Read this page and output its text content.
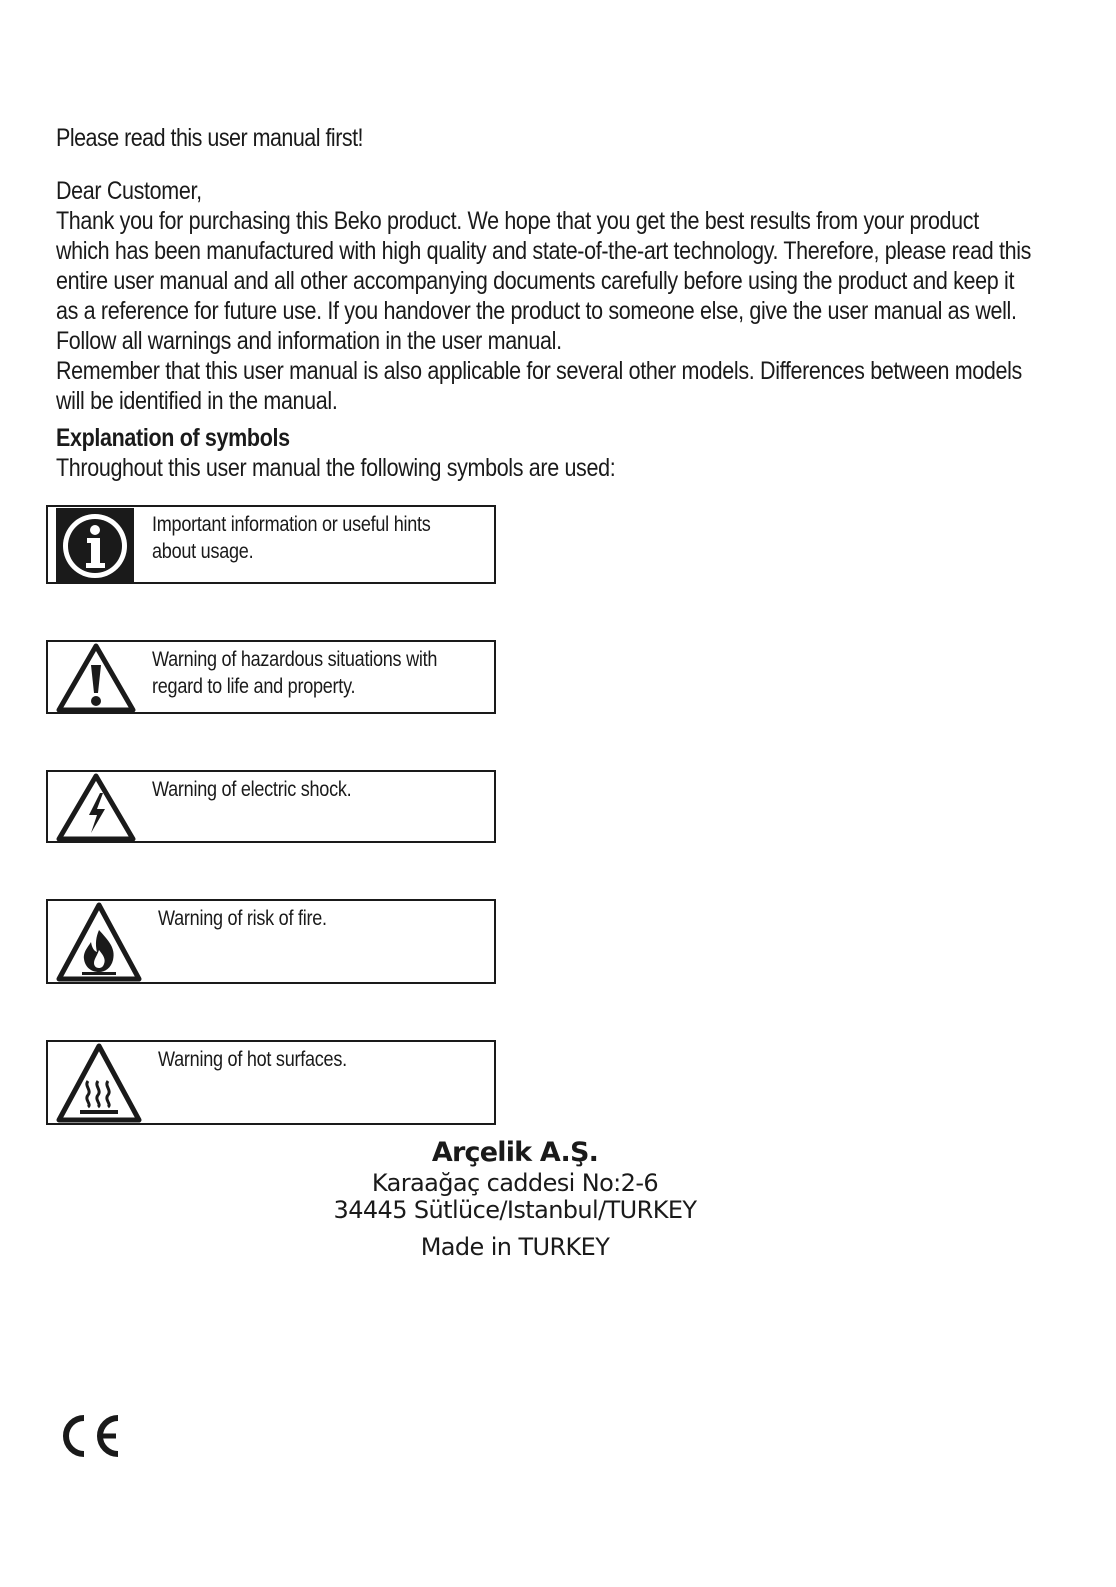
Please read this user manual first!

Dear Customer,

Thank you for purchasing this Beko product. We hope that you get the best results from your product which has been manufactured with high quality and state-of-the-art technology. Therefore, please read this entire user manual and all other accompanying documents carefully before using the product and keep it as a reference for future use. If you handover the product to someone else, give the user manual as well. Follow all warnings and information in the user manual.

Remember that this user manual is also applicable for several other models. Differences between models will be identified in the manual.

Explanation of symbols

Throughout this user manual the following symbols are used:

Important information or useful hints about usage.
Warning of hazardous situations with regard to life and property.
Warning of electric shock.
Warning of risk of fire.
Warning of hot surfaces.
Arçelik A.Ş.
Karaağaç caddesi No:2-6
34445 Sütlüce/Istanbul/TURKEY
Made in TURKEY
